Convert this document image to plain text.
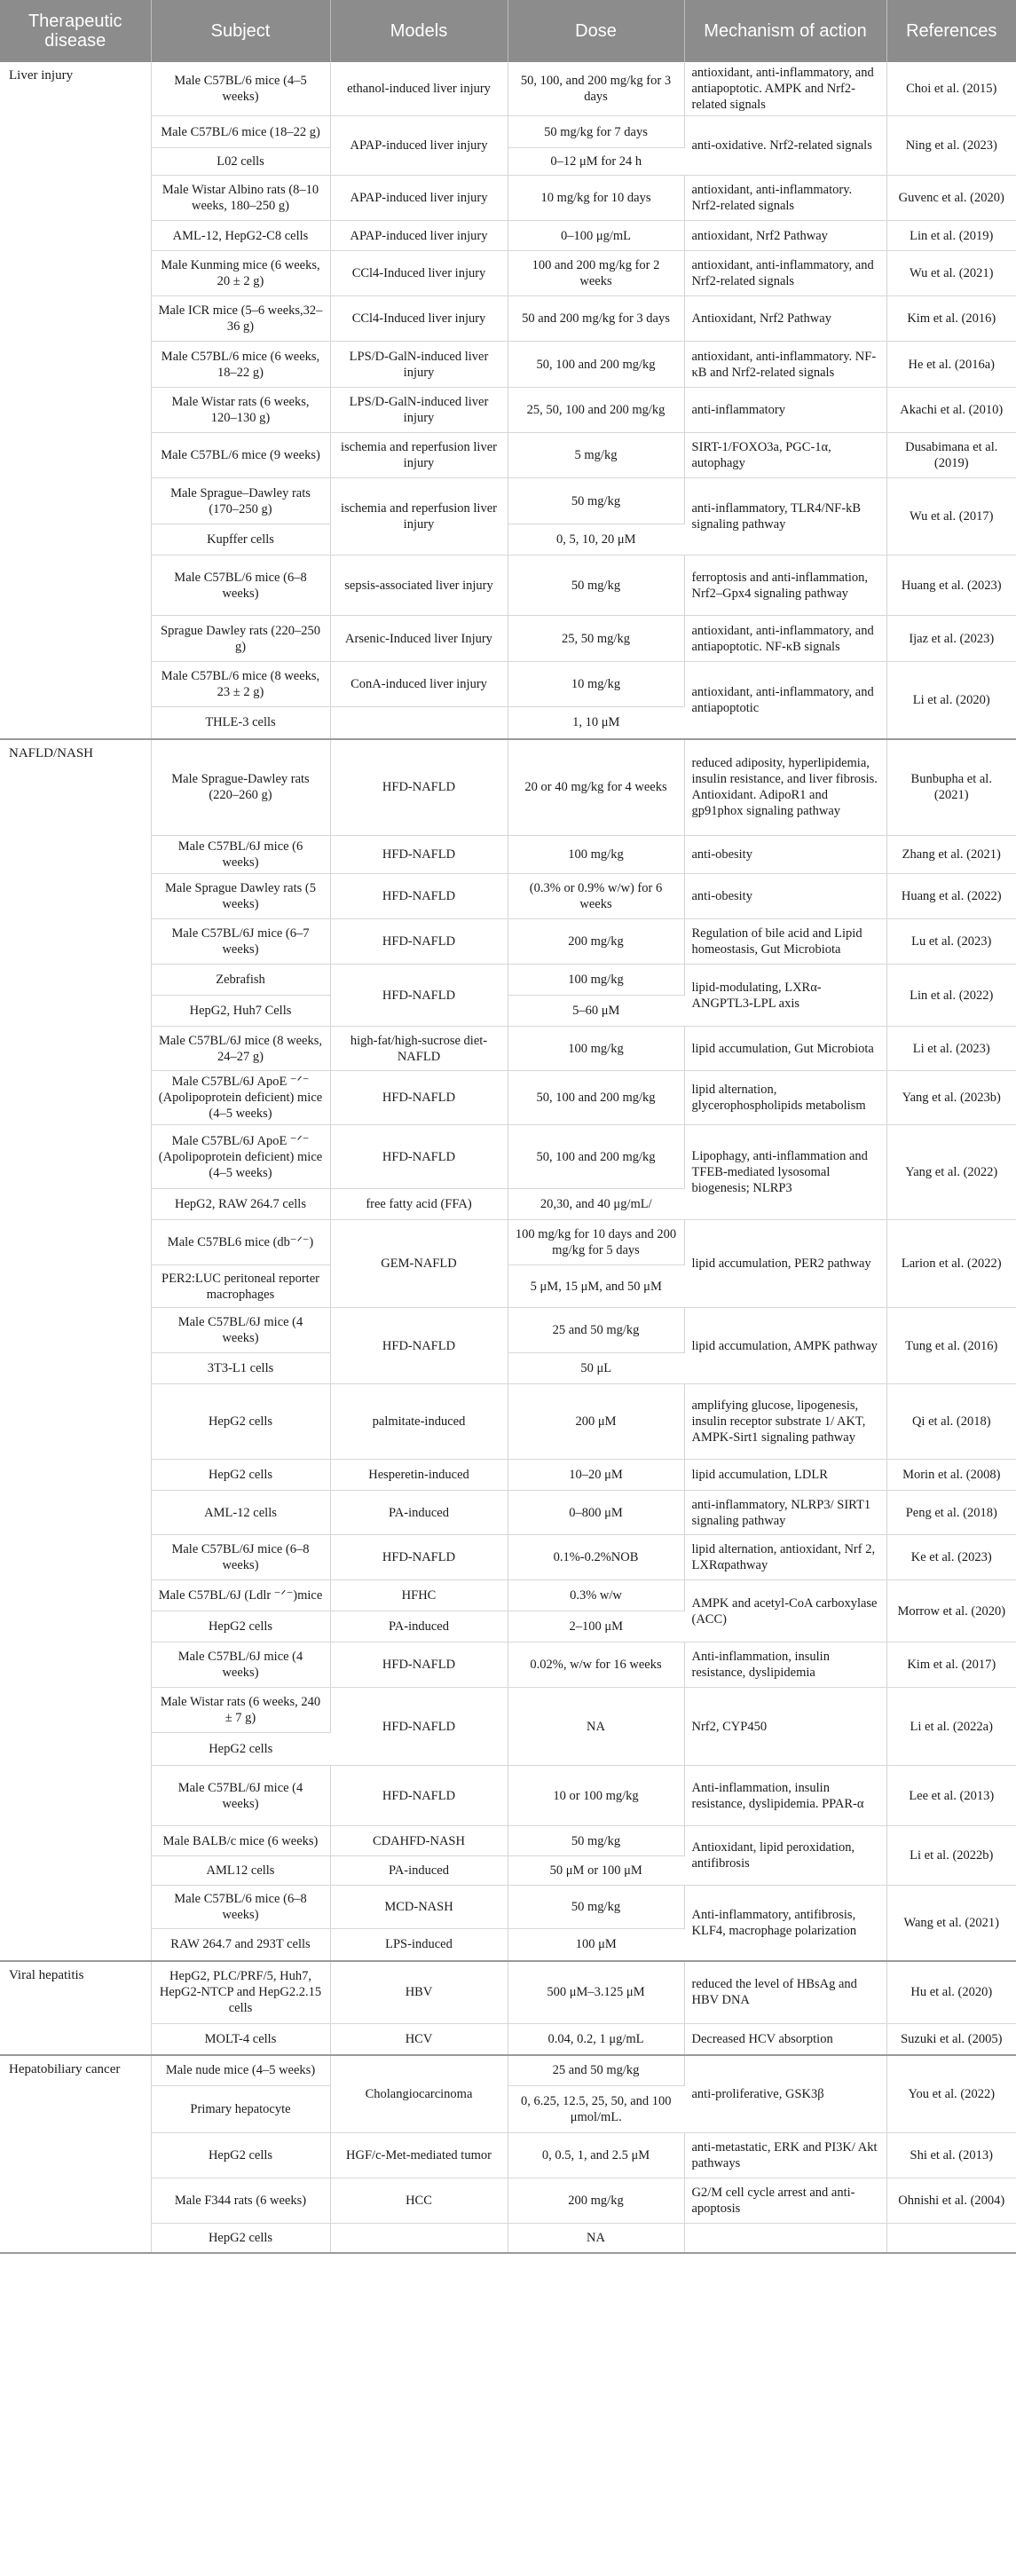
Therapeutic disease	Subject	Models	Dose	Mechanism of action	References
Liver injury	Male C57BL/6 mice (4–5 weeks)	ethanol-induced liver injury	50, 100, and 200 mg/kg for 3 days	antioxidant, anti-inflammatory, and antiapoptotic. AMPK and Nrf2-related signals	Choi et al. (2015)
	Male C57BL/6 mice (18–22 g)	APAP-induced liver injury	50 mg/kg for 7 days	anti-oxidative. Nrf2-related signals	Ning et al. (2023)
	L02 cells		0–12 μM for 24 h		
	Male Wistar Albino rats (8–10 weeks, 180–250 g)	APAP-induced liver injury	10 mg/kg for 10 days	antioxidant, anti-inflammatory. Nrf2-related signals	Guvenc et al. (2020)
	AML-12, HepG2-C8 cells	APAP-induced liver injury	0–100 μg/mL	antioxidant, Nrf2 Pathway	Lin et al. (2019)
	Male Kunming mice (6 weeks, 20 ± 2 g)	CCl4-Induced liver injury	100 and 200 mg/kg for 2 weeks	antioxidant, anti-inflammatory, and Nrf2-related signals	Wu et al. (2021)
	Male ICR mice (5–6 weeks,32–36 g)	CCl4-Induced liver injury	50 and 200 mg/kg for 3 days	Antioxidant, Nrf2 Pathway	Kim et al. (2016)
	Male C57BL/6 mice (6 weeks, 18–22 g)	LPS/D-GalN-induced liver injury	50, 100 and 200 mg/kg	antioxidant, anti-inflammatory. NF-κB and Nrf2-related signals	He et al. (2016a)
	Male Wistar rats (6 weeks, 120–130 g)	LPS/D-GalN-induced liver injury	25, 50, 100 and 200 mg/kg	anti-inflammatory	Akachi et al. (2010)
	Male C57BL/6 mice (9 weeks)	ischemia and reperfusion liver injury	5 mg/kg	SIRT-1/FOXO3a, PGC-1α, autophagy	Dusabimana et al. (2019)
	Male Sprague–Dawley rats (170–250 g)	ischemia and reperfusion liver injury	50 mg/kg	anti-inflammatory, TLR4/NF-kB signaling pathway	Wu et al. (2017)
	Kupffer cells		0, 5, 10, 20 μM		
	Male C57BL/6 mice (6–8 weeks)	sepsis-associated liver injury	50 mg/kg	ferroptosis and anti-inflammation, Nrf2–Gpx4 signaling pathway	Huang et al. (2023)
	Sprague Dawley rats (220–250 g)	Arsenic-Induced liver Injury	25, 50 mg/kg	antioxidant, anti-inflammatory, and antiapoptotic. NF-κB signals	Ijaz et al. (2023)
	Male C57BL/6 mice (8 weeks, 23 ± 2 g)	ConA-induced liver injury	10 mg/kg	antioxidant, anti-inflammatory, and antiapoptotic	Li et al. (2020)
	THLE-3 cells		1, 10 μM		
NAFLD/NASH	Male Sprague-Dawley rats (220–260 g)	HFD-NAFLD	20 or 40 mg/kg for 4 weeks	reduced adiposity, hyperlipidemia, insulin resistance, and liver fibrosis. Antioxidant. AdipoR1 and gp91phox signaling pathway	Bunbupha et al. (2021)
	Male C57BL/6J mice (6 weeks)	HFD-NAFLD	100 mg/kg	anti-obesity	Zhang et al. (2021)
	Male Sprague Dawley rats (5 weeks)	HFD-NAFLD	(0.3% or 0.9% w/w) for 6 weeks	anti-obesity	Huang et al. (2022)
	Male C57BL/6J mice (6–7 weeks)	HFD-NAFLD	200 mg/kg	Regulation of bile acid and Lipid homeostasis, Gut Microbiota	Lu et al. (2023)
	Zebrafish	HFD-NAFLD	100 mg/kg	lipid-modulating, LXRα-ANGPTL3-LPL axis	Lin et al. (2022)
	HepG2, Huh7 Cells		5–60 μM		
	Male C57BL/6J mice (8 weeks, 24–27 g)	high-fat/high-sucrose diet-NAFLD	100 mg/kg	lipid accumulation, Gut Microbiota	Li et al. (2023)
	Male C57BL/6J ApoE ⁻ᐟ⁻ (Apolipoprotein deficient) mice (4–5 weeks)	HFD-NAFLD	50, 100 and 200 mg/kg	lipid alternation, glycerophospholipids metabolism	Yang et al. (2023b)
	Male C57BL/6J ApoE ⁻ᐟ⁻ (Apolipoprotein deficient) mice (4–5 weeks)	HFD-NAFLD	50, 100 and 200 mg/kg	Lipophagy, anti-inflammation and TFEB-mediated lysosomal biogenesis; NLRP3	Yang et al. (2022)
	HepG2, RAW 264.7 cells	free fatty acid (FFA)	20,30, and 40 μg/mL/		
	Male C57BL6 mice (db⁻ᐟ⁻)	GEM-NAFLD	100 mg/kg for 10 days and 200 mg/kg for 5 days	lipid accumulation, PER2 pathway	Larion et al. (2022)
	PER2:LUC peritoneal reporter macrophages		5 μM, 15 μM, and 50 μM		
	Male C57BL/6J mice (4 weeks)	HFD-NAFLD	25 and 50 mg/kg	lipid accumulation, AMPK pathway	Tung et al. (2016)
	3T3-L1 cells		50 μL		
	HepG2 cells	palmitate-induced	200 μM	amplifying glucose, lipogenesis, insulin receptor substrate 1/ AKT, AMPK-Sirt1 signaling pathway	Qi et al. (2018)
	HepG2 cells	Hesperetin-induced	10–20 μM	lipid accumulation, LDLR	Morin et al. (2008)
	AML-12 cells	PA-induced	0–800 μM	anti-inflammatory, NLRP3/ SIRT1 signaling pathway	Peng et al. (2018)
	Male C57BL/6J mice (6–8 weeks)	HFD-NAFLD	0.1%-0.2%NOB	lipid alternation, antioxidant, Nrf 2, LXRαpathway	Ke et al. (2023)
	Male C57BL/6J (Ldlr ⁻ᐟ⁻)mice	HFHC	0.3% w/w	AMPK and acetyl-CoA carboxylase (ACC)	Morrow et al. (2020)
	HepG2 cells	PA-induced	2–100 μM		
	Male C57BL/6J mice (4 weeks)	HFD-NAFLD	0.02%, w/w for 16 weeks	Anti-inflammation, insulin resistance, dyslipidemia	Kim et al. (2017)
	Male Wistar rats (6 weeks, 240 ± 7 g)	HFD-NAFLD	NA	Nrf2, CYP450	Li et al. (2022a)
	HepG2 cells				
	Male C57BL/6J mice (4 weeks)	HFD-NAFLD	10 or 100 mg/kg	Anti-inflammation, insulin resistance, dyslipidemia. PPAR-α	Lee et al. (2013)
	Male BALB/c mice (6 weeks)	CDAHFD-NASH	50 mg/kg	Antioxidant, lipid peroxidation, antifibrosis	Li et al. (2022b)
	AML12 cells	PA-induced	50 μM or 100 μM		
	Male C57BL/6 mice (6–8 weeks)	MCD-NASH	50 mg/kg	Anti-inflammatory, antifibrosis, KLF4, macrophage polarization	Wang et al. (2021)
	RAW 264.7 and 293T cells	LPS-induced	100 μM		
Viral hepatitis	HepG2, PLC/PRF/5, Huh7, HepG2-NTCP and HepG2.2.15 cells	HBV	500 μM–3.125 μM	reduced the level of HBsAg and HBV DNA	Hu et al. (2020)
	MOLT-4 cells	HCV	0.04, 0.2, 1 μg/mL	Decreased HCV absorption	Suzuki et al. (2005)
Hepatobiliary cancer	Male nude mice (4–5 weeks)	Cholangiocarcinoma	25 and 50 mg/kg	anti-proliferative, GSK3β	You et al. (2022)
	Primary hepatocyte		0, 6.25, 12.5, 25, 50, and 100 μmol/mL.		
	HepG2 cells	HGF/c-Met-mediated tumor	0, 0.5, 1, and 2.5 μM	anti-metastatic, ERK and PI3K/ Akt pathways	Shi et al. (2013)
	Male F344 rats (6 weeks)	HCC	200 mg/kg	G2/M cell cycle arrest and anti-apoptosis	Ohnishi et al. (2004)
	HepG2 cells		NA		
